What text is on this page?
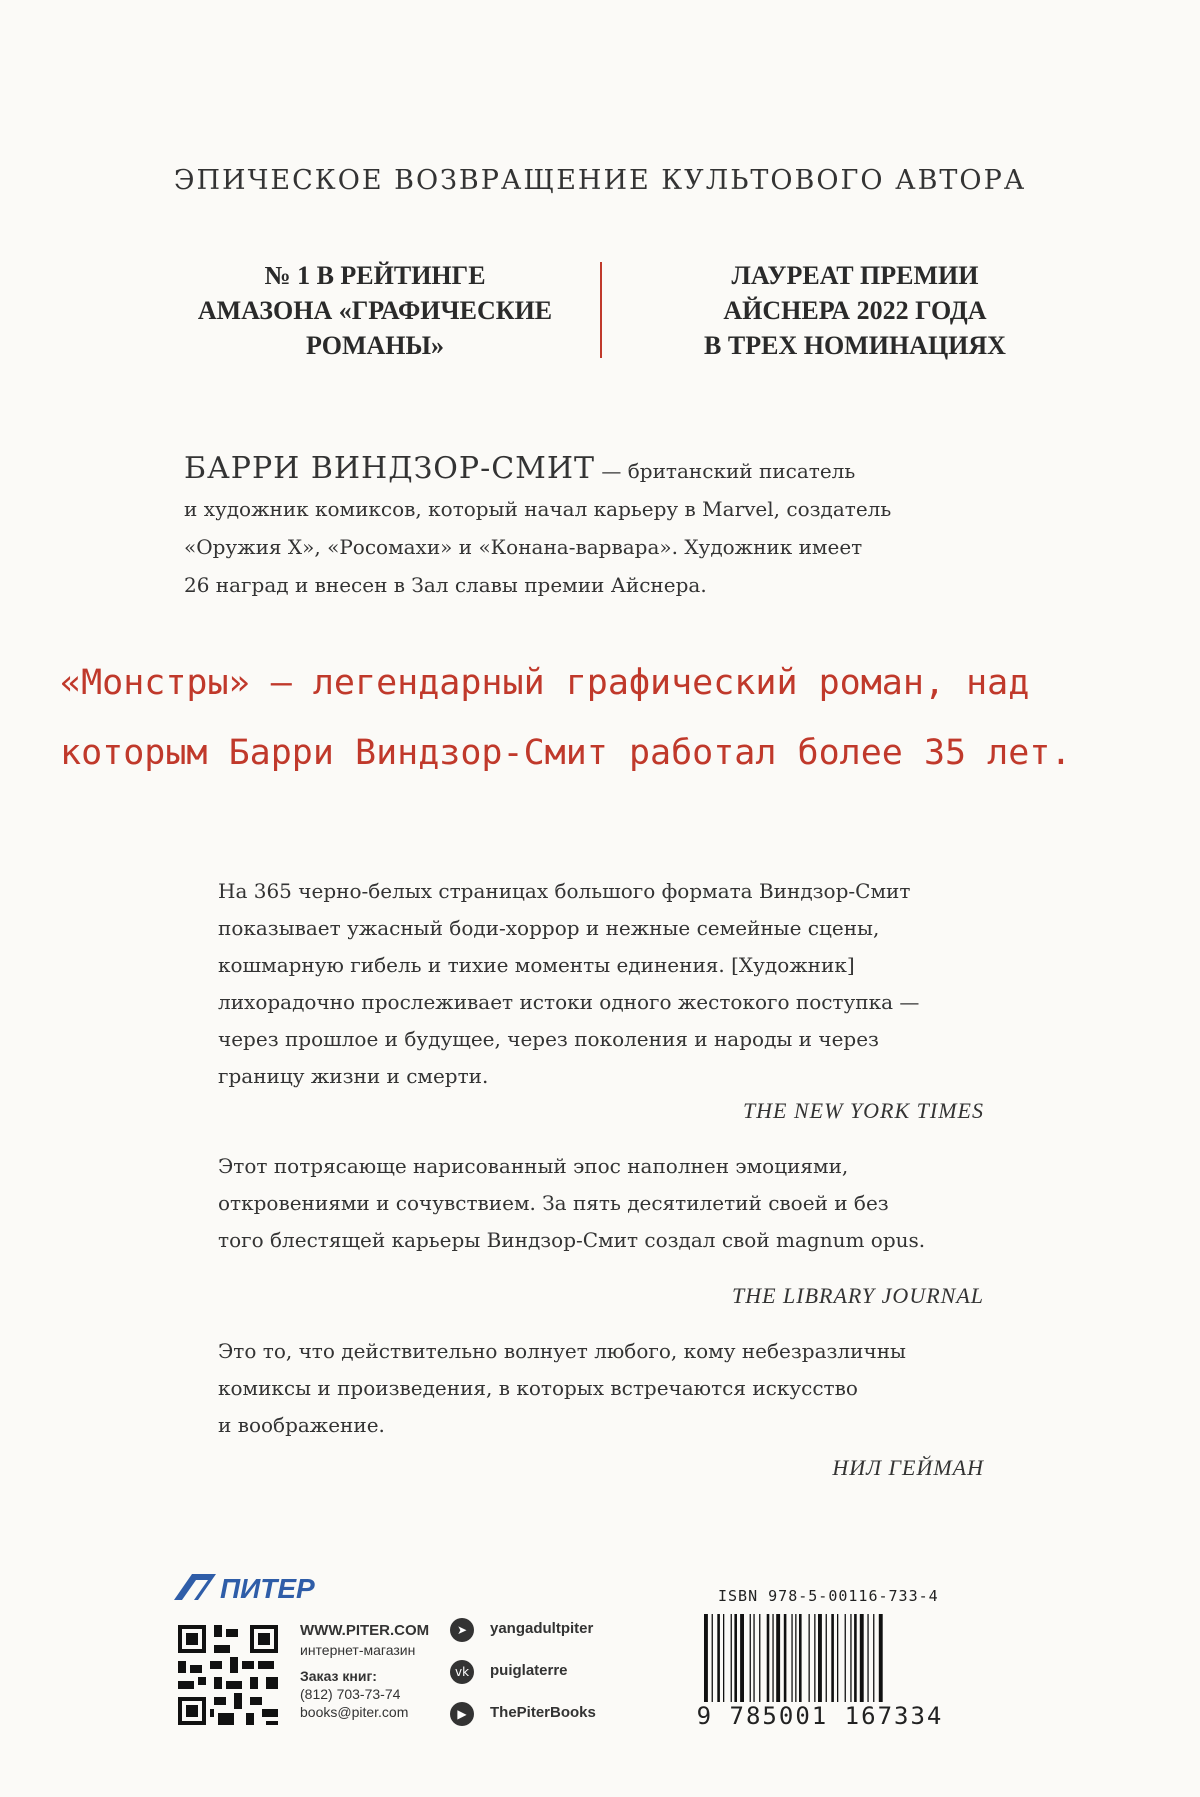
ЭПИЧЕСКОЕ ВОЗВРАЩЕНИЕ КУЛЬТОВОГО АВТОРА
№ 1 В РЕЙТИНГЕ
АМАЗОНА «ГРАФИЧЕСКИЕ
РОМАНЫ»
ЛАУРЕАТ ПРЕМИИ
АЙСНЕРА 2022 ГОДА
В ТРЕХ НОМИНАЦИЯХ
БАРРИ ВИНДЗОР-СМИТ — британский писатель
и художник комиксов, который начал карьеру в Marvel, создатель
«Оружия Х», «Росомахи» и «Конана-варвара». Художник имеет
26 наград и внесен в Зал славы премии Айснера.
«Монстры» — легендарный графический роман, над
которым Барри Виндзор-Смит работал более 35 лет.
На 365 черно-белых страницах большого формата Виндзор-Смит
показывает ужасный боди-хоррор и нежные семейные сцены,
кошмарную гибель и тихие моменты единения. [Художник]
лихорадочно прослеживает истоки одного жестокого поступка —
через прошлое и будущее, через поколения и народы и через
границу жизни и смерти.
THE NEW YORK TIMES
Этот потрясающе нарисованный эпос наполнен эмоциями,
откровениями и сочувствием. За пять десятилетий своей и без
того блестящей карьеры Виндзор-Смит создал свой magnum opus.
THE LIBRARY JOURNAL
Это то, что действительно волнует любого, кому небезразличны
комиксы и произведения, в которых встречаются искусство
и воображение.
НИЛ ГЕЙМАН
ПИТЕР
WWW.PITER.COM
интернет-магазин
Заказ книг:
(812) 703-73-74
books@piter.com
➤	yangadultpiter
vk	puiglaterre
▶	ThePiterBooks
ISBN 978-5-00116-733-4
9 785001 167334
